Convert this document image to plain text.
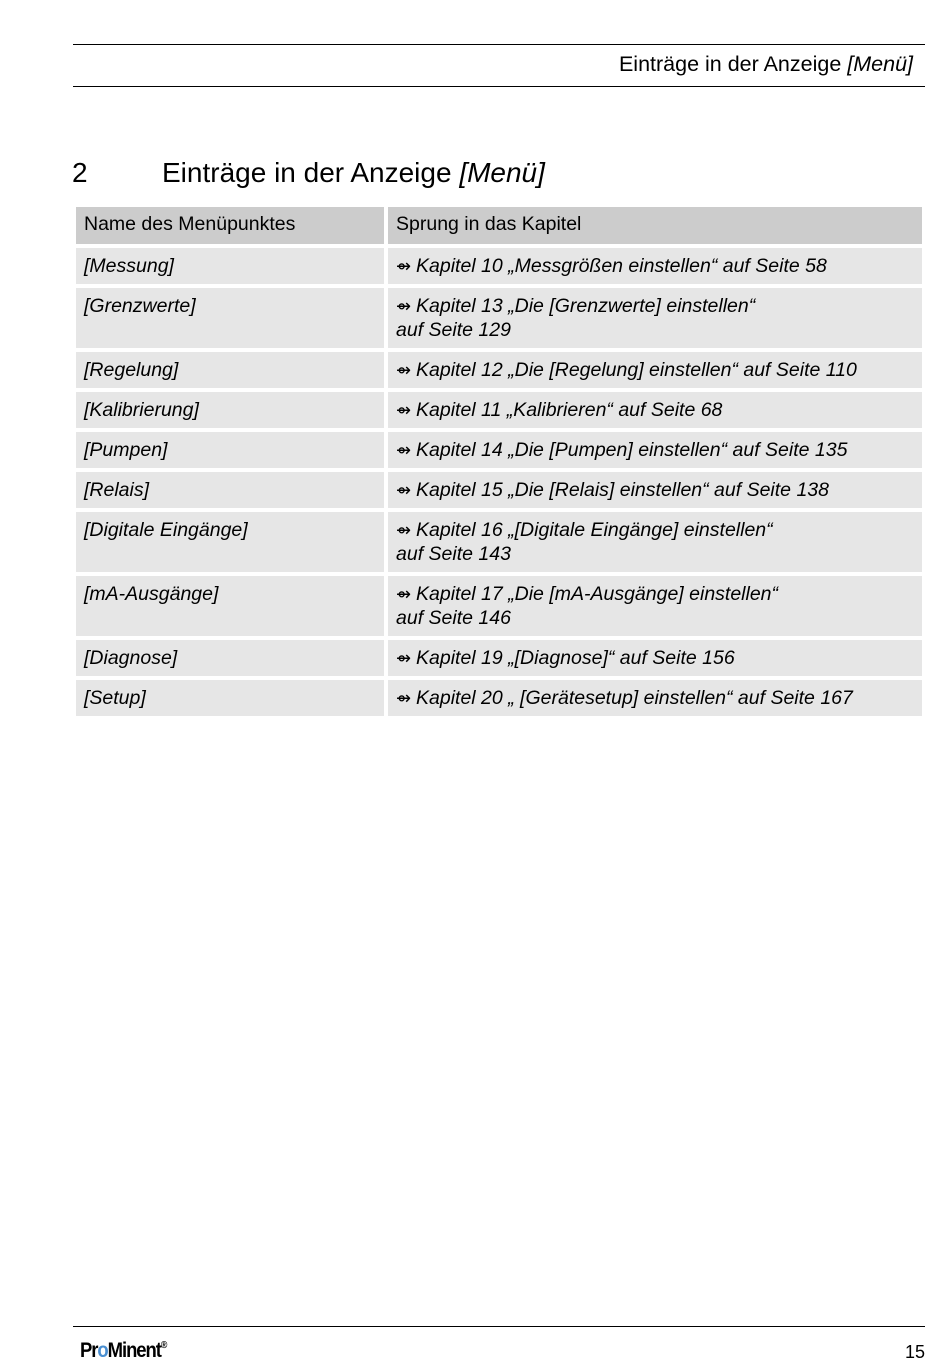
Einträge in der Anzeige [Menü]
2	Einträge in der Anzeige [Menü]
Name des Menüpunktes	Sprung in das Kapitel
[Messung]	⇴ Kapitel 10 „Messgrößen einstellen“ auf Seite 58
[Grenzwerte]	⇴ Kapitel 13 „Die [Grenzwerte] einstellen“
auf Seite 129

[Regelung]	⇴ Kapitel 12 „Die [Regelung] einstellen“ auf Seite 110
[Kalibrierung]	⇴ Kapitel 11 „Kalibrieren“ auf Seite 68
[Pumpen]	⇴ Kapitel 14 „Die [Pumpen] einstellen“ auf Seite 135
[Relais]	⇴ Kapitel 15 „Die [Relais] einstellen“ auf Seite 138
[Digitale Eingänge]	⇴ Kapitel 16 „[Digitale Eingänge] einstellen“
auf Seite 143

[mA-Ausgänge]	⇴ Kapitel 17 „Die [mA-Ausgänge] einstellen“
auf Seite 146

[Diagnose]	⇴ Kapitel 19 „[Diagnose]“ auf Seite 156
[Setup]	⇴ Kapitel 20 „ [Gerätesetup] einstellen“ auf Seite 167
ProMinent®	15
